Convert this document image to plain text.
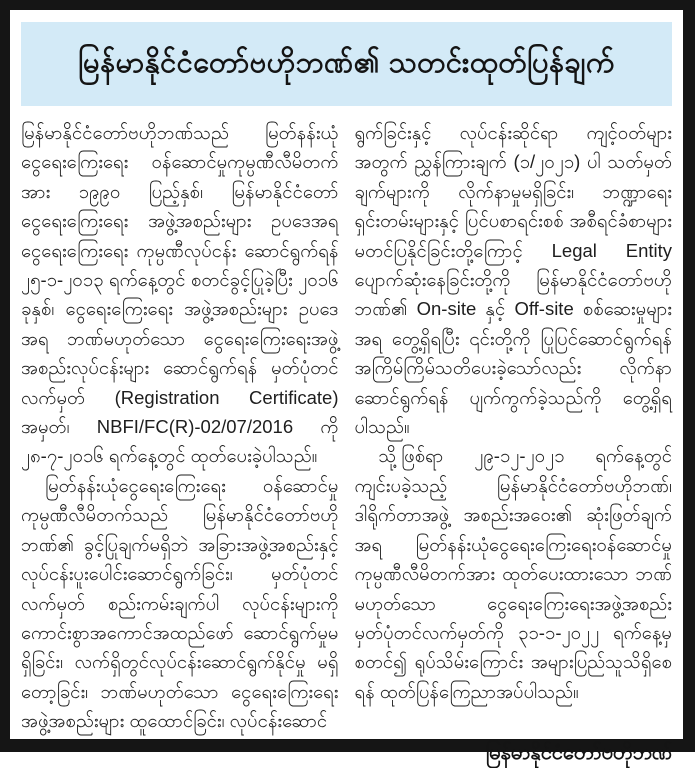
မြန်မာနိုင်ငံတော်ဗဟိုဘဏ်၏ သတင်းထုတ်ပြန်ချက်

မြန်မာနိုင်ငံတော်ဗဟိုဘဏ်သည် မြတ်နန်းယုံ ငွေရေးကြေးရေး ဝန်ဆောင်မှုကုမ္ပဏီလီမိတက်အား ၁၉၉၀ ပြည့်နှစ်၊ မြန်မာနိုင်ငံတော် ငွေရေးကြေးရေး အဖွဲ့အစည်းများ ဥပဒေအရ ငွေရေးကြေးရေး ကုမ္ပဏီလုပ်ငန်း ဆောင်ရွက်ရန် ၂၅-၁-၂၀၁၃ ရက်နေ့တွင် စတင်ခွင့်ပြုခဲ့ပြီး ၂၀၁၆ ခုနှစ်၊ ငွေရေးကြေးရေး အဖွဲ့အစည်းများ ဥပဒေအရ ဘဏ်မဟုတ်သော ငွေရေးကြေးရေးအဖွဲ့အစည်းလုပ်ငန်းများ ဆောင်ရွက်ရန် မှတ်ပုံတင်လက်မှတ် (Registration Certificate) အမှတ်၊ NBFI/FC(R)-02/07/2016 ကို ၂၈-၇-၂၀၁၆ ရက်နေ့တွင် ထုတ်ပေးခဲ့ပါသည်။

မြတ်နန်းယုံငွေရေးကြေးရေး ဝန်ဆောင်မှု ကုမ္ပဏီလီမိတက်သည် မြန်မာနိုင်ငံတော်ဗဟိုဘဏ်၏ ခွင့်ပြုချက်မရှိဘဲ အခြားအဖွဲ့အစည်းနှင့် လုပ်ငန်းပူးပေါင်းဆောင်ရွက်ခြင်း၊ မှတ်ပုံတင်လက်မှတ် စည်းကမ်းချက်ပါ လုပ်ငန်းများကို ကောင်းစွာအကောင်အထည်ဖော် ဆောင်ရွက်မှုမရှိခြင်း၊ လက်ရှိတွင်လုပ်ငန်းဆောင်ရွက်နိုင်မှု မရှိတော့ခြင်း၊ ဘဏ်မဟုတ်သော ငွေရေးကြေးရေး အဖွဲ့အစည်းများ ထူထောင်ခြင်း၊ လုပ်ငန်းဆောင်

ရွက်ခြင်းနှင့် လုပ်ငန်းဆိုင်ရာ ကျင့်ဝတ်များအတွက် ညွှန်ကြားချက် (၁/၂၀၂၁) ပါ သတ်မှတ်ချက်များကို လိုက်နာမှုမရှိခြင်း၊ ဘဏ္ဍာရေးရှင်းတမ်းများနှင့် ပြင်ပစာရင်းစစ် အစီရင်ခံစာများ မတင်ပြနိုင်ခြင်းတို့ကြောင့် Legal Entity ပျောက်ဆုံးနေခြင်းတို့ကို မြန်မာနိုင်ငံတော်ဗဟိုဘဏ်၏ On-site နှင့် Off-site စစ်ဆေးမှုများအရ တွေ့ရှိရပြီး ၎င်းတို့ကို ပြုပြင်ဆောင်ရွက်ရန် အကြိမ်ကြိမ်သတိပေးခဲ့သော်လည်း လိုက်နာဆောင်ရွက်ရန် ပျက်ကွက်ခဲ့သည်ကို တွေ့ရှိရပါသည်။

သို့ဖြစ်ရာ ၂၉-၁၂-၂၀၂၁ ရက်နေ့တွင် ကျင်းပခဲ့သည့် မြန်မာနိုင်ငံတော်ဗဟိုဘဏ်၊ ဒါရိုက်တာအဖွဲ့ အစည်းအဝေး၏ ဆုံးဖြတ်ချက်အရ မြတ်နန်းယုံငွေရေးကြေးရေးဝန်ဆောင်မှု ကုမ္ပဏီလီမိတက်အား ထုတ်ပေးထားသော ဘဏ်မဟုတ်သော ငွေရေးကြေးရေးအဖွဲ့အစည်း မှတ်ပုံတင်လက်မှတ်ကို ၃၁-၁-၂၀၂၂ ရက်နေ့မှစတင်၍ ရုပ်သိမ်းကြောင်း အများပြည်သူသိရှိစေရန် ထုတ်ပြန်ကြေညာအပ်ပါသည်။

မြန်မာနိုင်ငံတော်ဗဟိုဘဏ်
